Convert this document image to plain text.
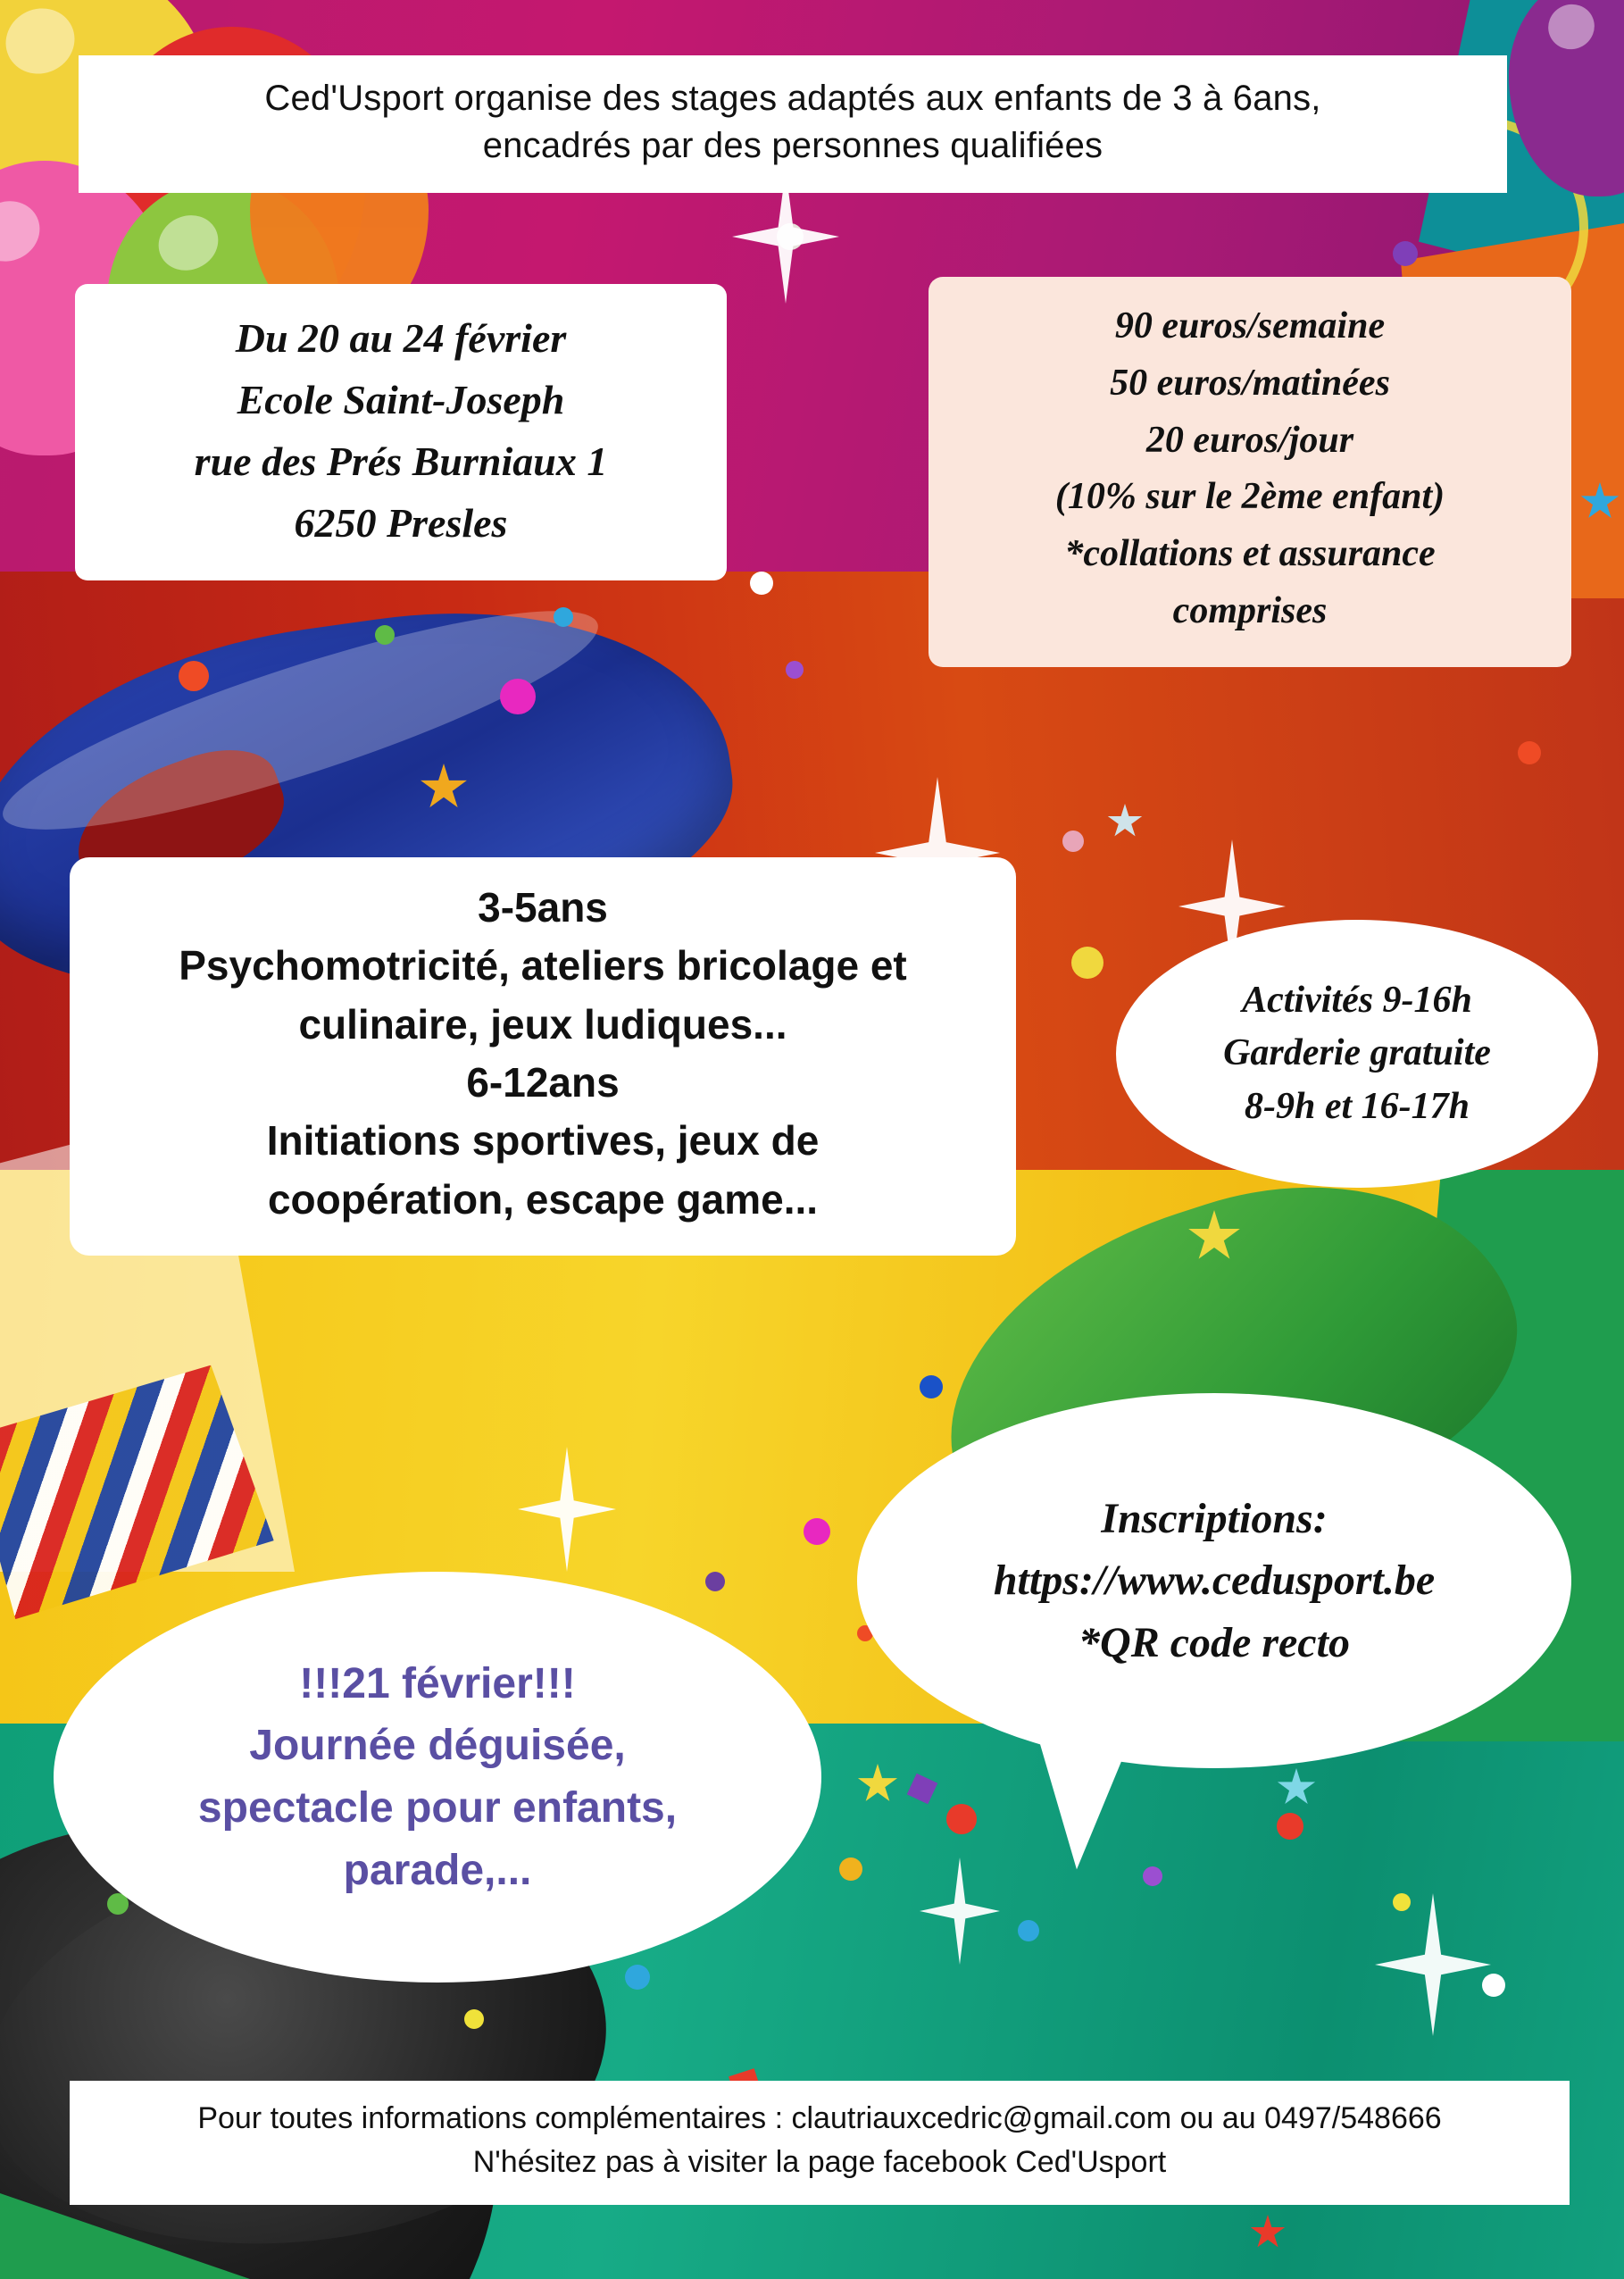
Ced'Usport organise des stages adaptés aux enfants de 3 à 6ans,
encadrés par des personnes qualifiées
Du 20 au 24 février
Ecole Saint-Joseph
rue des Prés Burniaux 1
6250 Presles
90 euros/semaine
50 euros/matinées
20 euros/jour
(10% sur le 2ème enfant)
*collations et assurance
comprises
3-5ans
Psychomotricité, ateliers bricolage et
culinaire, jeux ludiques...
6-12ans
Initiations sportives, jeux de
coopération, escape game...
Activités 9-16h
Garderie gratuite
8-9h et 16-17h
Inscriptions:
https://www.cedusport.be
*QR code recto
!!!21 février!!!
Journée déguisée,
spectacle pour enfants,
parade,...
Pour toutes informations complémentaires : clautriauxcedric@gmail.com ou au 0497/548666
N'hésitez pas à visiter la page facebook Ced'Usport
